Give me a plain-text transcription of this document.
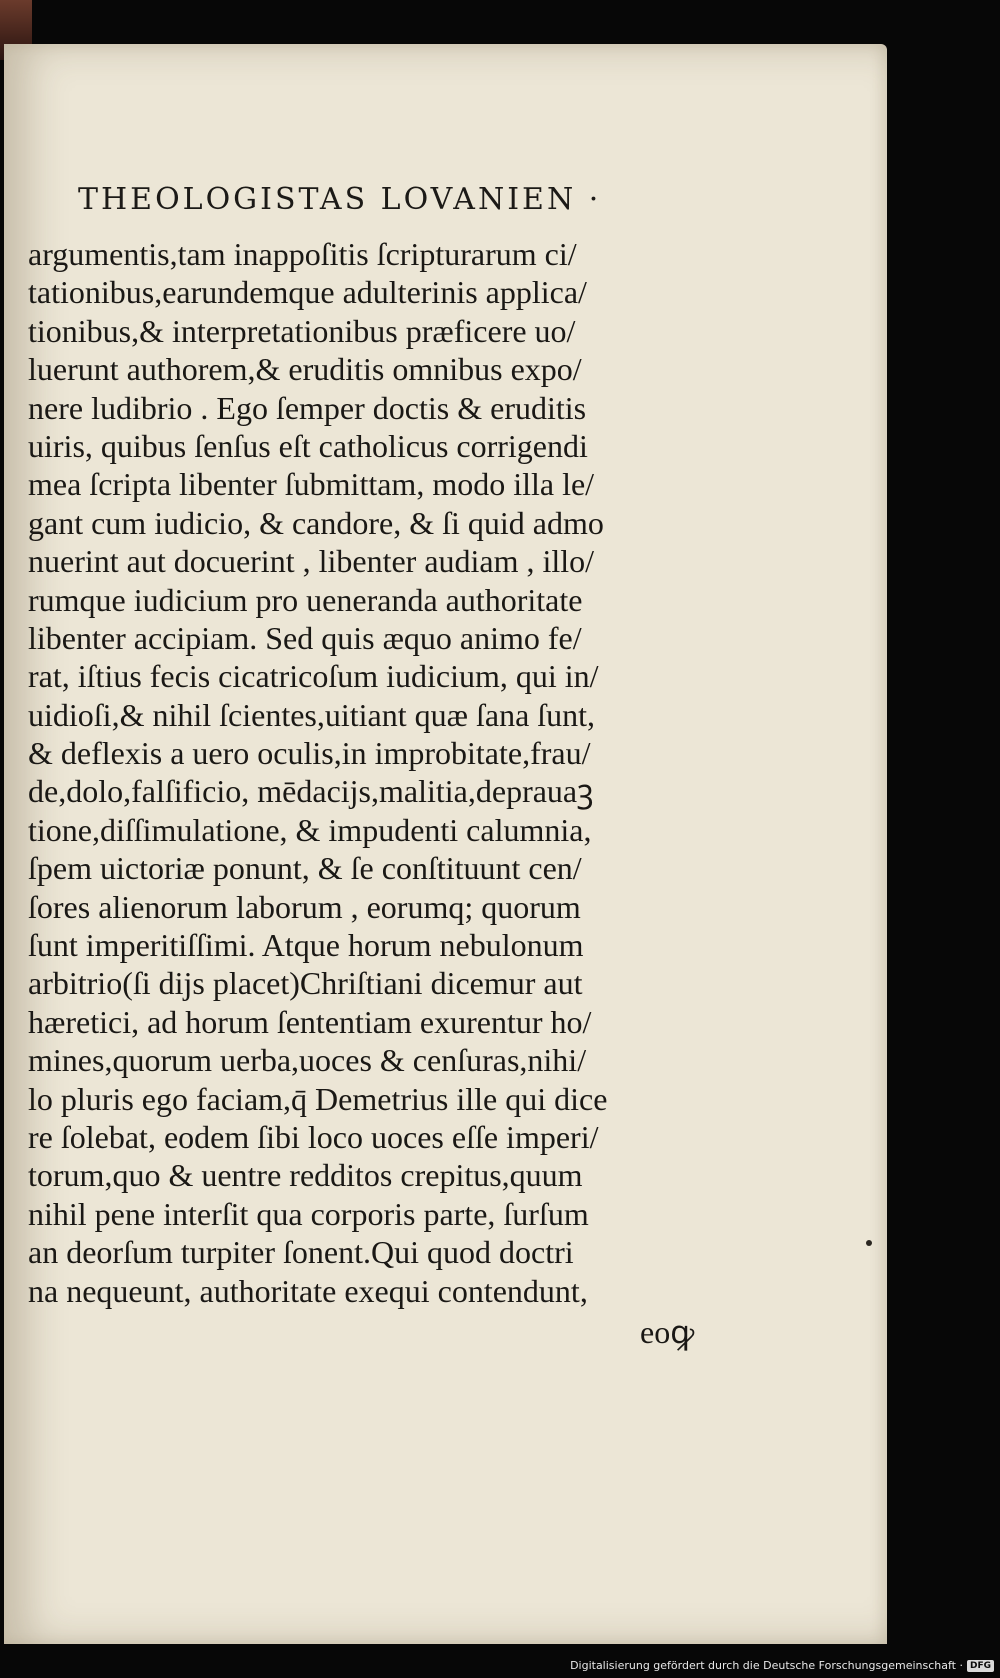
THEOLOGISTAS LOVANIEN ·
argumentis,tam inappoſitis ſcripturarum ci/
tationibus,earundemque adulterinis applica/
tionibus,& interpretationibus præficere uo/
luerunt authorem,& eruditis omnibus expo/
nere ludibrio . Ego ſemper doctis & eruditis
uiris, quibus ſenſus eſt catholicus corrigendi
mea ſcripta libenter ſubmittam, modo illa le/
gant cum iudicio, & candore, & ſi quid admo
nuerint aut docuerint , libenter audiam , illo/
rumque iudicium pro ueneranda authoritate
libenter accipiam. Sed quis æquo animo fe/
rat, iſtius fecis cicatricoſum iudicium, qui in/
uidioſi,& nihil ſcientes,uitiant quæ ſana ſunt,
& deflexis a uero oculis,in improbitate,frau/
de,dolo,falſificio, mēdacijs,malitia,deprauaꝫ
tione,diſſimulatione, & impudenti calumnia,
ſpem uictoriæ ponunt, & ſe conſtituunt cen/
ſores alienorum laborum , eorumq; quorum
ſunt imperitiſſimi. Atque horum nebulonum
arbitrio(ſi dijs placet)Chriſtiani dicemur aut
hæretici, ad horum ſententiam exurentur ho/
mines,quorum uerba,uoces & cenſuras,nihi/
lo pluris ego faciam,q̄ Demetrius ille qui dice
re ſolebat, eodem ſibi loco uoces eſſe imperi/
torum,quo & uentre redditos crepitus,quum
nihil pene interſit qua corporis parte, ſurſum
an deorſum turpiter ſonent.Qui quod doctri
na nequeunt, authoritate exequi contendunt,
eoꝙ
Digitalisierung gefördert durch die Deutsche Forschungsgemeinschaft · DFG
